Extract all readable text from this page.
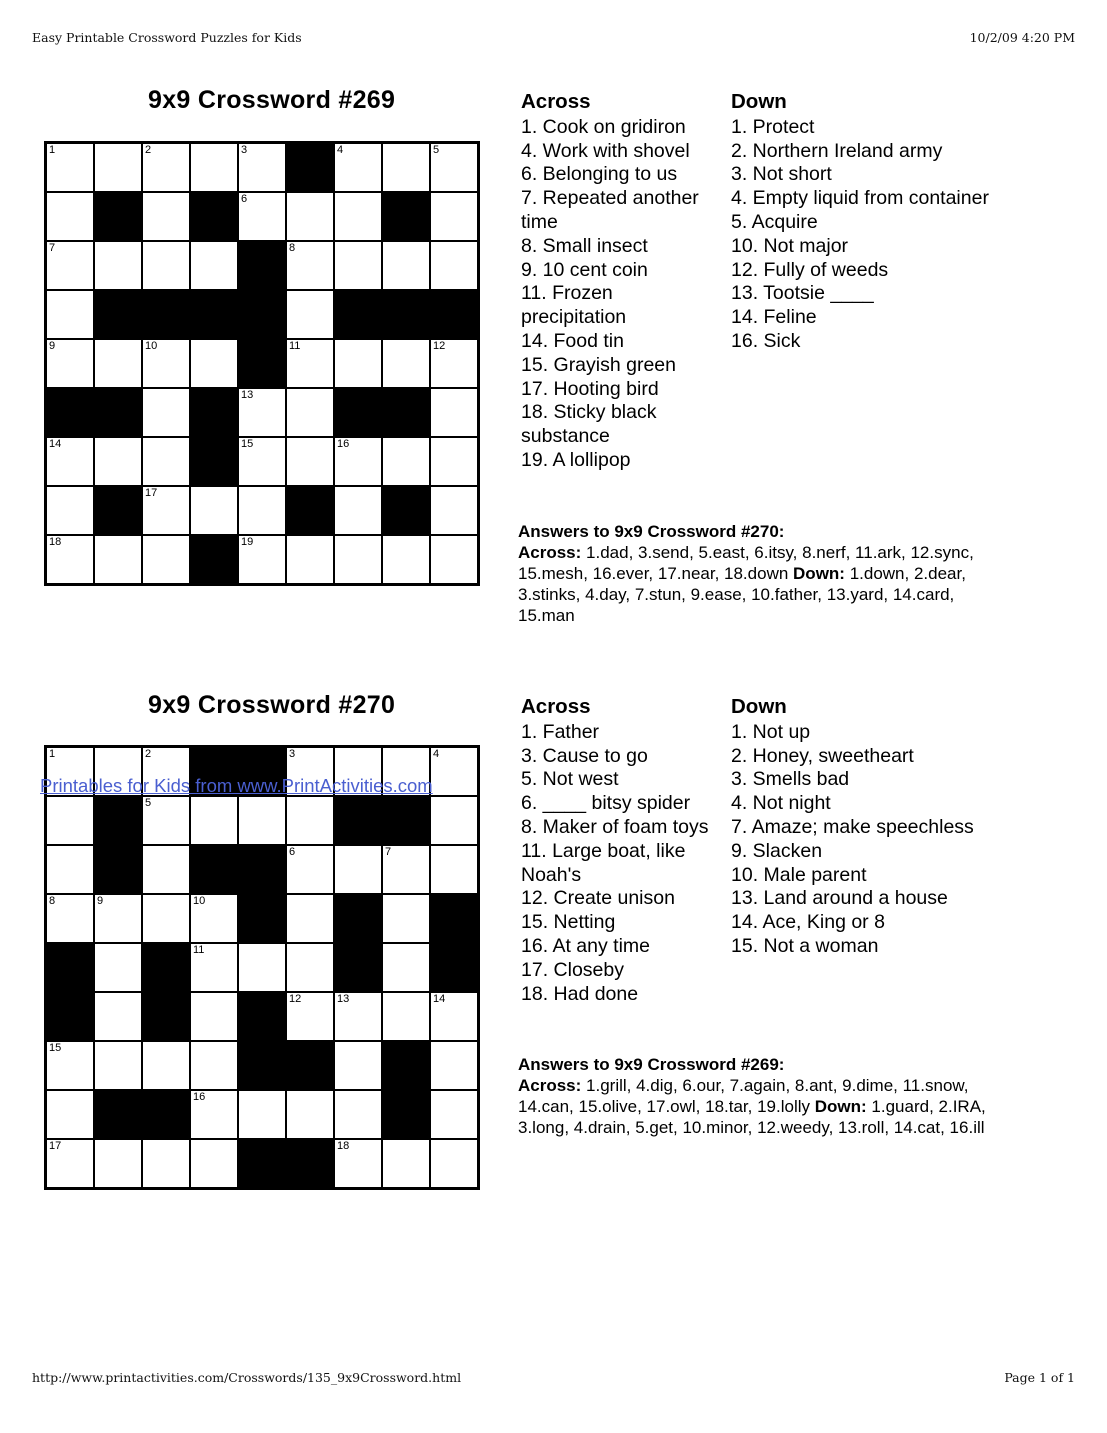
Easy Printable Crossword Puzzles for Kids	10/2/09 4:20 PM
9x9 Crossword #269
1	2	3	4	5
6
7	8
9	10	11	12
13
14	15	16
17
18	19
Across
1. Cook on gridiron
4. Work with shovel
6. Belonging to us
7. Repeated another time
8. Small insect
9. 10 cent coin
11. Frozen precipitation
14. Food tin
15. Grayish green
17. Hooting bird
18. Sticky black substance
19. A lollipop
Down
1. Protect
2. Northern Ireland army
3. Not short
4. Empty liquid from container
5. Acquire
10. Not major
12. Fully of weeds
13. Tootsie ____
14. Feline
16. Sick
Answers to 9x9 Crossword #270:
Across: 1.dad, 3.send, 5.east, 6.itsy, 8.nerf, 11.ark, 12.sync, 15.mesh, 16.ever, 17.near, 18.down Down: 1.down, 2.dear, 3.stinks, 4.day, 7.stun, 9.ease, 10.father, 13.yard, 14.card, 15.man
9x9 Crossword #270
1	2	3	4
5
6	7
8	9	10
11
12	13	14
15
16
17	18
Printables for Kids from www.PrintActivities.com
Across
1. Father
3. Cause to go
5. Not west
6. ____ bitsy spider
8. Maker of foam toys
11. Large boat, like Noah's
12. Create unison
15. Netting
16. At any time
17. Closeby
18. Had done
Down
1. Not up
2. Honey, sweetheart
3. Smells bad
4. Not night
7. Amaze; make speechless
9. Slacken
10. Male parent
13. Land around a house
14. Ace, King or 8
15. Not a woman
Answers to 9x9 Crossword #269:
Across: 1.grill, 4.dig, 6.our, 7.again, 8.ant, 9.dime, 11.snow, 14.can, 15.olive, 17.owl, 18.tar, 19.lolly Down: 1.guard, 2.IRA, 3.long, 4.drain, 5.get, 10.minor, 12.weedy, 13.roll, 14.cat, 16.ill
http://www.printactivities.com/Crosswords/135_9x9Crossword.html	Page 1 of 1
